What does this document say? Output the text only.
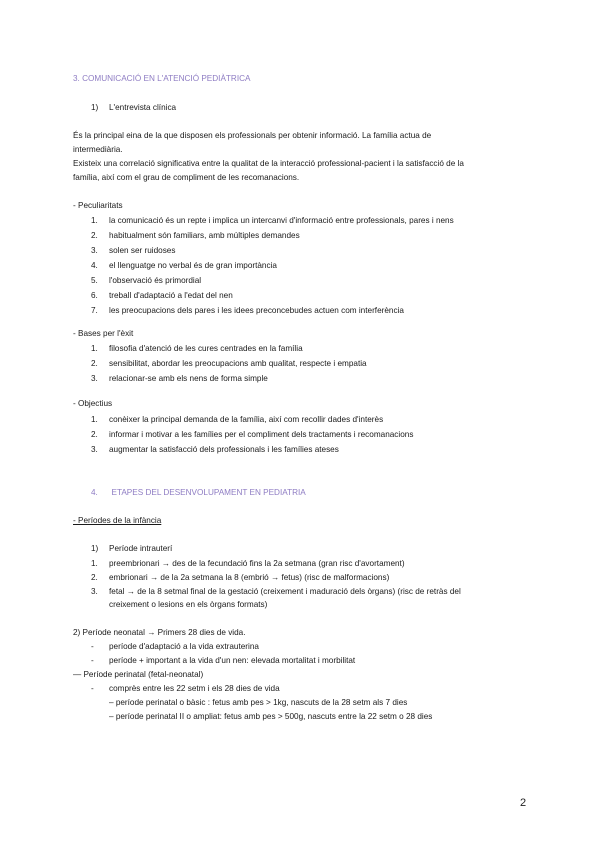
3. COMUNICACIÓ EN L'ATENCIÓ PEDIÀTRICA
1) L'entrevista clínica
És la principal eina de la que disposen els professionals per obtenir informació. La família actua de
intermediària.
Existeix una correlació significativa entre la qualitat de la interacció professional-pacient i la satisfacció de la
família, així com el grau de compliment de les recomanacions.
- Peculiaritats
1. la comunicació és un repte i implica un intercanvi d'informació entre professionals, pares i nens
2. habitualment són familiars, amb múltiples demandes
3. solen ser ruidoses
4. el llenguatge no verbal és de gran importància
5. l'observació és primordial
6. treball d'adaptació a l'edat del nen
7. les preocupacions dels pares i les idees preconcebudes actuen com interferència
- Bases per l'èxit
1. filosofia d'atenció de les cures centrades en la família
2. sensibilitat, abordar les preocupacions amb qualitat, respecte i empatia
3. relacionar-se amb els nens de forma simple
- Objectius
1. conèixer la principal demanda de la família, així com recollir dades d'interès
2. informar i motivar a les famílies per el compliment dels tractaments i recomanacions
3. augmentar la satisfacció dels professionals i les famílies ateses
4.      ETAPES DEL DESENVOLUPAMENT EN PEDIATRIA
- Períodes de la infància
1) Període intrauterí
1. preembrionari → des de la fecundació fins la 2a setmana (gran risc d'avortament)
2. embrionari → de la 2a setmana la 8 (embrió → fetus) (risc de malformacions)
3. fetal → de la 8 setmal final de la gestació (creixement i maduració dels òrgans) (risc de retràs del
creixement o lesions en els òrgans formats)
2) Període neonatal → Primers 28 dies de vida.
- període d'adaptació a la vida extrauterina
- període + important a la vida d'un nen: elevada mortalitat i morbilitat
— Període perinatal (fetal-neonatal)
- comprès entre les 22 setm i els 28 dies de vida
– període perinatal o bàsic : fetus amb pes > 1kg, nascuts de la 28 setm als 7 dies
– període perinatal II o ampliat: fetus amb pes > 500g, nascuts entre la 22 setm o 28 dies
2
